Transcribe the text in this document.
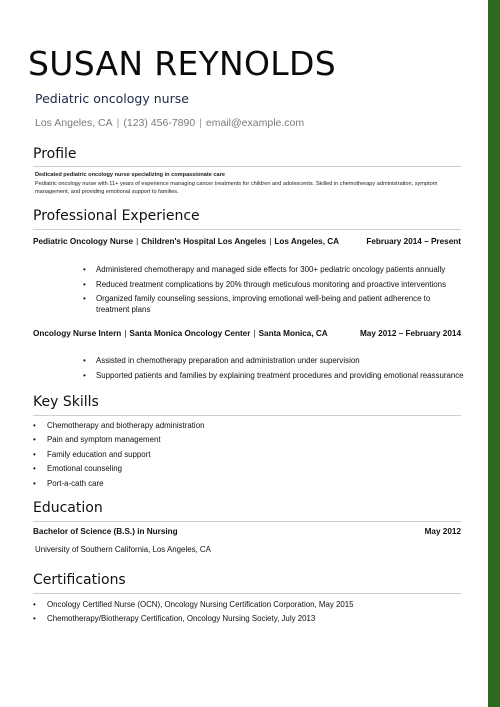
SUSAN REYNOLDS
Pediatric oncology nurse
Los Angeles, CA | (123) 456-7890 | email@example.com
Profile
Dedicated pediatric oncology nurse specializing in compassionate care
Pediatric oncology nurse with 11+ years of experience managing cancer treatments for children and adolescents. Skilled in chemotherapy administration, symptom management, and providing emotional support to families.
Professional Experience
Pediatric Oncology Nurse | Children's Hospital Los Angeles | Los Angeles, CA	February 2014 – Present
• Administered chemotherapy and managed side effects for 300+ pediatric oncology patients annually
• Reduced treatment complications by 20% through meticulous monitoring and proactive interventions
• Organized family counseling sessions, improving emotional well-being and patient adherence to treatment plans
Oncology Nurse Intern | Santa Monica Oncology Center | Santa Monica, CA	May 2012 – February 2014
• Assisted in chemotherapy preparation and administration under supervision
• Supported patients and families by explaining treatment procedures and providing emotional reassurance
Key Skills
• Chemotherapy and biotherapy administration
• Pain and symptom management
• Family education and support
• Emotional counseling
• Port-a-cath care
Education
Bachelor of Science (B.S.) in Nursing	May 2012
University of Southern California, Los Angeles, CA
Certifications
• Oncology Certified Nurse (OCN), Oncology Nursing Certification Corporation, May 2015
• Chemotherapy/Biotherapy Certification, Oncology Nursing Society, July 2013
